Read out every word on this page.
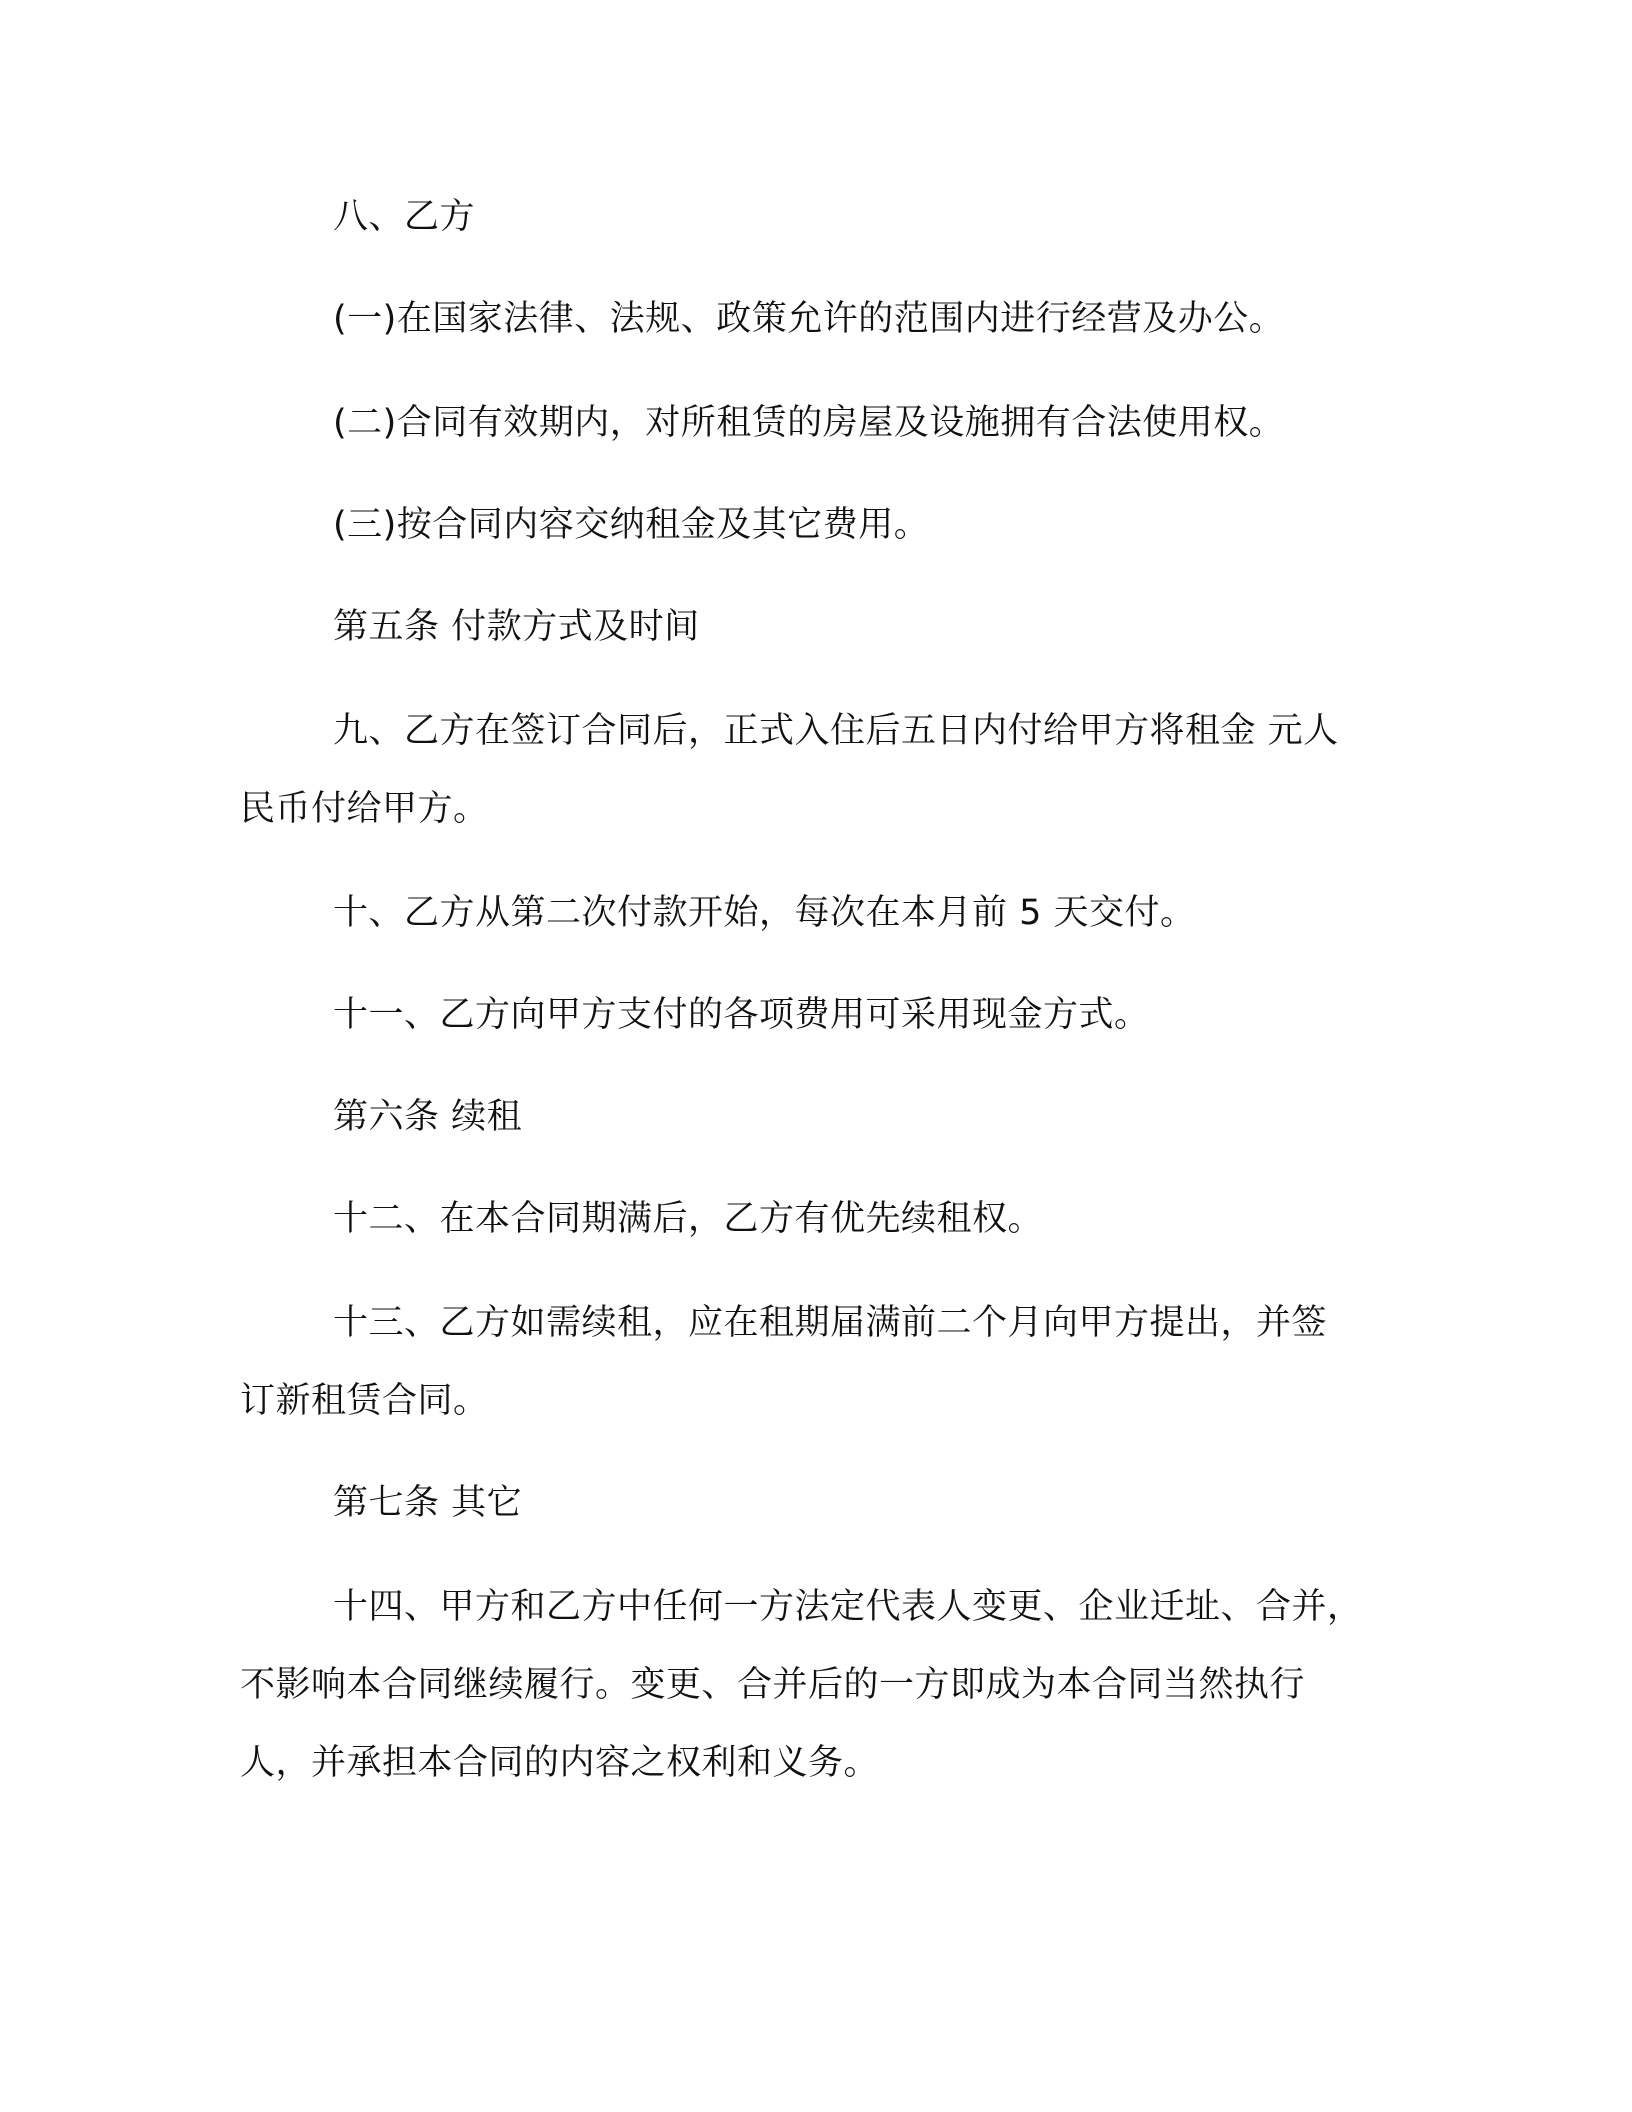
八、乙方

(一)在国家法律、法规、政策允许的范围内进行经营及办公。

(二)合同有效期内，对所租赁的房屋及设施拥有合法使用权。

(三)按合同内容交纳租金及其它费用。

第五条 付款方式及时间

九、乙方在签订合同后，正式入住后五日内付给甲方将租金 元人

民币付给甲方。

十、乙方从第二次付款开始，每次在本月前 5 天交付。

十一、乙方向甲方支付的各项费用可采用现金方式。

第六条 续租

十二、在本合同期满后，乙方有优先续租权。

十三、乙方如需续租，应在租期届满前二个月向甲方提出，并签

订新租赁合同。

第七条 其它

十四、甲方和乙方中任何一方法定代表人变更、企业迁址、合并，

不影响本合同继续履行。变更、合并后的一方即成为本合同当然执行

人，并承担本合同的内容之权利和义务。
